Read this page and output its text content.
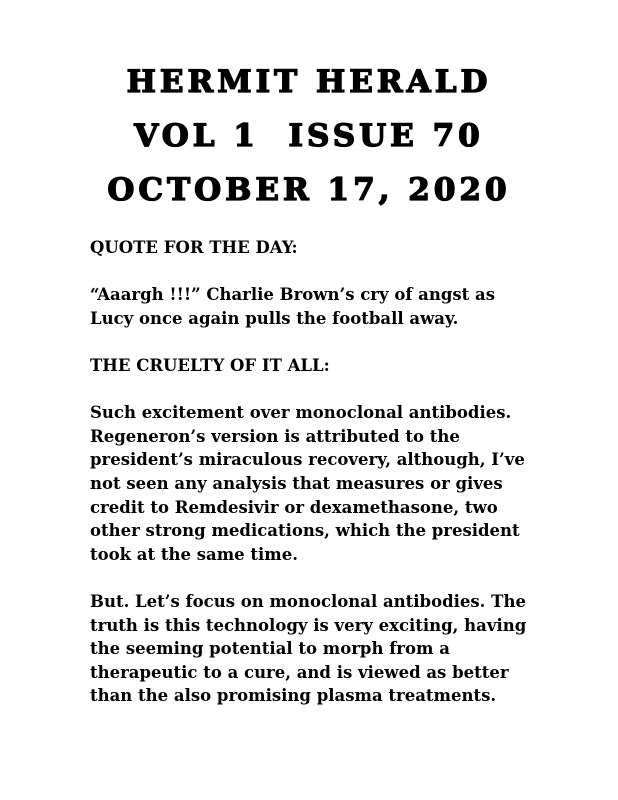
HERMIT HERALD
VOL 1  ISSUE 70
OCTOBER 17, 2020
QUOTE FOR THE DAY:

“Aaargh !!!” Charlie Brown’s cry of angst as Lucy once again pulls the football away.

THE CRUELTY OF IT ALL:

Such excitement over monoclonal antibodies. Regeneron’s version is attributed to the president’s miraculous recovery, although, I’ve not seen any analysis that measures or gives credit to Remdesivir or dexamethasone, two other strong medications, which the president took at the same time.

But. Let’s focus on monoclonal antibodies. The truth is this technology is very exciting, having the seeming potential to morph from a therapeutic to a cure, and is viewed as better than the also promising plasma treatments.
